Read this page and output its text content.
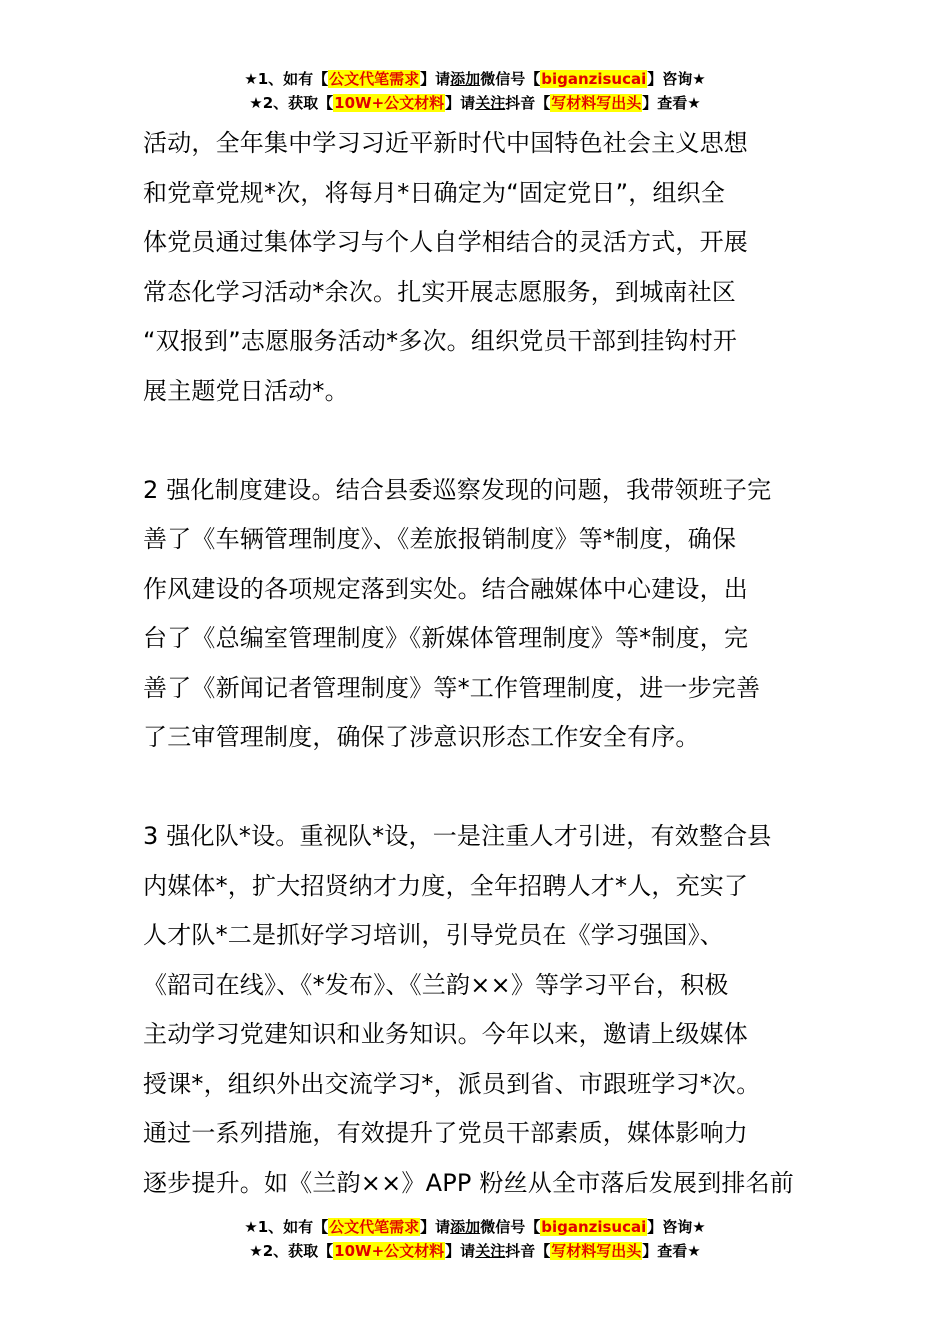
★1、如有【公文代笔需求】请添加微信号【biganzisucai】咨询★
★2、获取【10W+公文材料】请关注抖音【写材料写出头】查看★

活动，全年集中学习习近平新时代中国特色社会主义思想
和党章党规*次，将每月*日确定为“固定党日”，组织全
体党员通过集体学习与个人自学相结合的灵活方式，开展
常态化学习活动*余次。扎实开展志愿服务，到城南社区
“双报到”志愿服务活动*多次。组织党员干部到挂钩村开
展主题党日活动*。

2 强化制度建设。结合县委巡察发现的问题，我带领班子完
善了《车辆管理制度》、《差旅报销制度》等*制度，确保
作风建设的各项规定落到实处。结合融媒体中心建设，出
台了《总编室管理制度》《新媒体管理制度》等*制度，完
善了《新闻记者管理制度》等*工作管理制度，进一步完善
了三审管理制度，确保了涉意识形态工作安全有序。

3 强化队*设。重视队*设，一是注重人才引进，有效整合县
内媒体*，扩大招贤纳才力度，全年招聘人才*人，充实了
人才队*二是抓好学习培训，引导党员在《学习强国》、
《韶司在线》、《*发布》、《兰韵××》等学习平台，积极
主动学习党建知识和业务知识。今年以来，邀请上级媒体
授课*，组织外出交流学习*，派员到省、市跟班学习*次。
通过一系列措施，有效提升了党员干部素质，媒体影响力
逐步提升。如《兰韵××》APP 粉丝从全市落后发展到排名前

★1、如有【公文代笔需求】请添加微信号【biganzisucai】咨询★
★2、获取【10W+公文材料】请关注抖音【写材料写出头】查看★
